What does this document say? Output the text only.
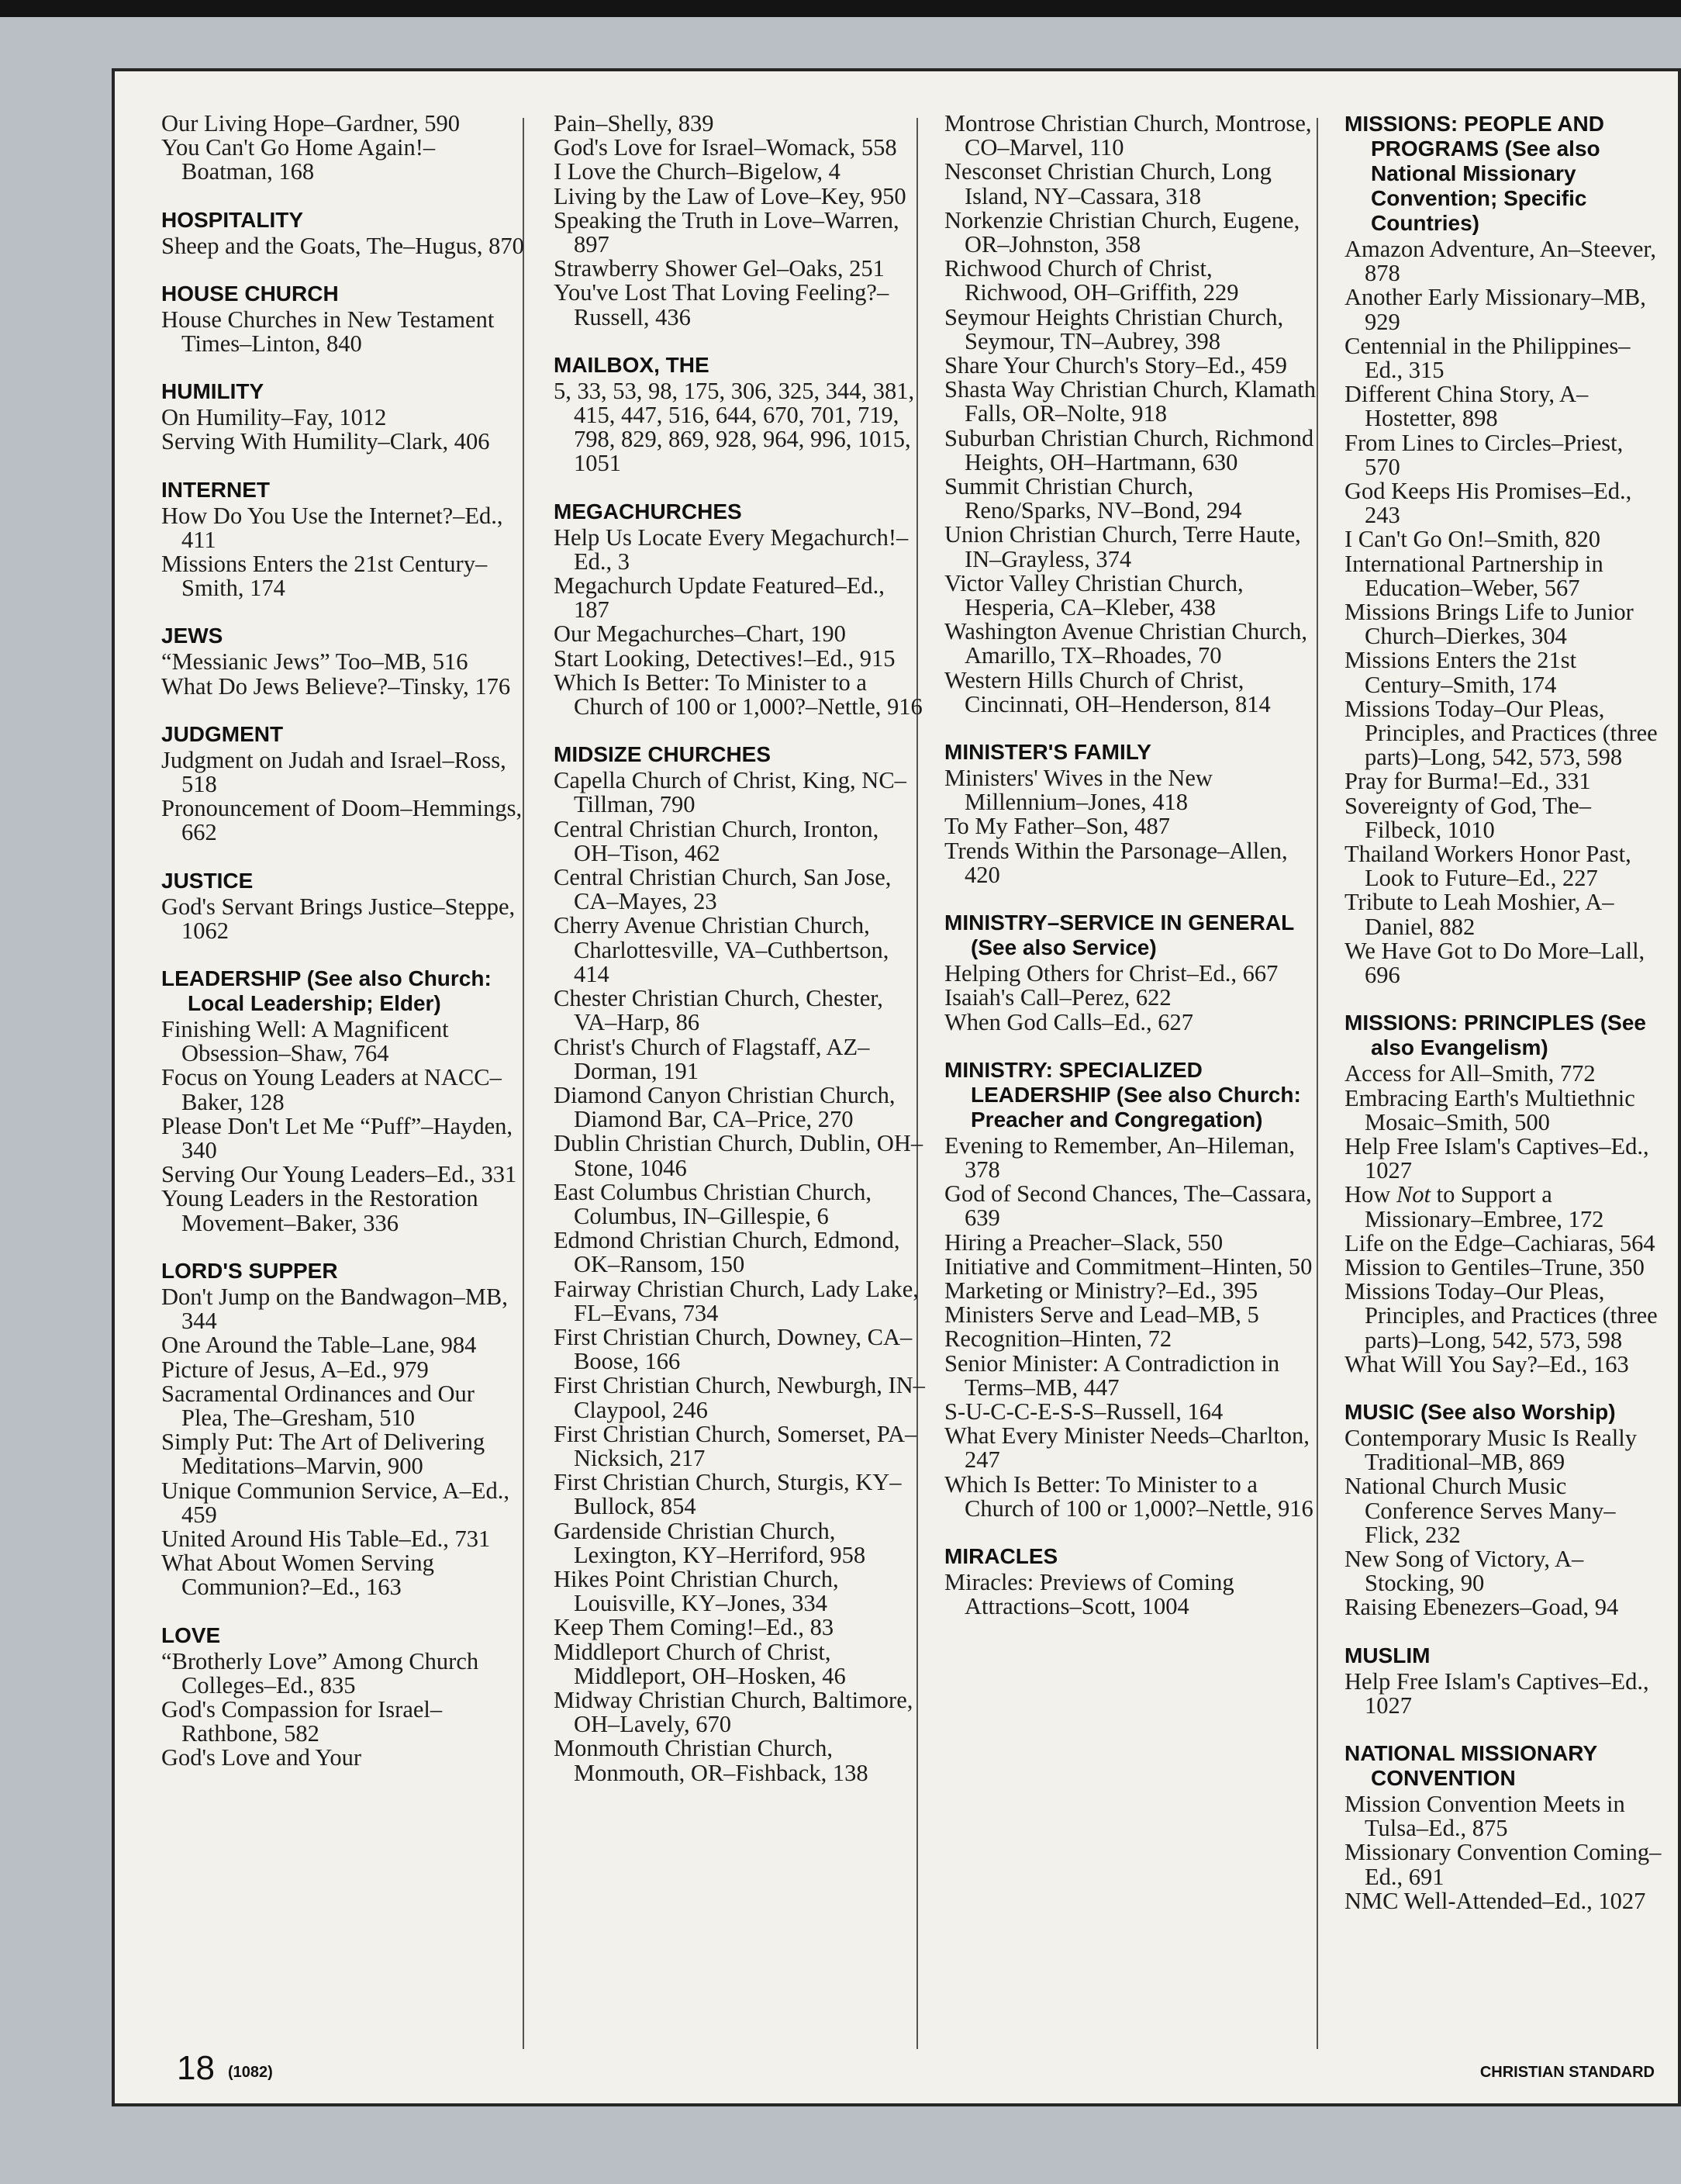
Our Living Hope–Gardner, 590
You Can't Go Home Again!–Boatman, 168
HOSPITALITY
Sheep and the Goats, The–Hugus, 870
HOUSE CHURCH
House Churches in New Testament Times–Linton, 840
HUMILITY
On Humility–Fay, 1012
Serving With Humility–Clark, 406
INTERNET
How Do You Use the Internet?–Ed., 411
Missions Enters the 21st Century–Smith, 174
JEWS
“Messianic Jews” Too–MB, 516
What Do Jews Believe?–Tinsky, 176
JUDGMENT
Judgment on Judah and Israel–Ross, 518
Pronouncement of Doom–Hemmings, 662
JUSTICE
God's Servant Brings Justice–Steppe, 1062
LEADERSHIP (See also Church: Local Leadership; Elder)
Finishing Well: A Magnificent Obsession–Shaw, 764
Focus on Young Leaders at NACC–Baker, 128
Please Don't Let Me “Puff”–Hayden, 340
Serving Our Young Leaders–Ed., 331
Young Leaders in the Restoration Movement–Baker, 336
LORD'S SUPPER
Don't Jump on the Bandwagon–MB, 344
One Around the Table–Lane, 984
Picture of Jesus, A–Ed., 979
Sacramental Ordinances and Our Plea, The–Gresham, 510
Simply Put: The Art of Delivering Meditations–Marvin, 900
Unique Communion Service, A–Ed., 459
United Around His Table–Ed., 731
What About Women Serving Communion?–Ed., 163
LOVE
“Brotherly Love” Among Church Colleges–Ed., 835
God's Compassion for Israel–Rathbone, 582
God's Love and Your
Pain–Shelly, 839
God's Love for Israel–Womack, 558
I Love the Church–Bigelow, 4
Living by the Law of Love–Key, 950
Speaking the Truth in Love–Warren, 897
Strawberry Shower Gel–Oaks, 251
You've Lost That Loving Feeling?–Russell, 436
MAILBOX, THE
5, 33, 53, 98, 175, 306, 325, 344, 381, 415, 447, 516, 644, 670, 701, 719, 798, 829, 869, 928, 964, 996, 1015, 1051
MEGACHURCHES
Help Us Locate Every Megachurch!–Ed., 3
Megachurch Update Featured–Ed., 187
Our Megachurches–Chart, 190
Start Looking, Detectives!–Ed., 915
Which Is Better: To Minister to a Church of 100 or 1,000?–Nettle, 916
MIDSIZE CHURCHES
Capella Church of Christ, King, NC–Tillman, 790
Central Christian Church, Ironton, OH–Tison, 462
Central Christian Church, San Jose, CA–Mayes, 23
Cherry Avenue Christian Church, Charlottesville, VA–Cuthbertson, 414
Chester Christian Church, Chester, VA–Harp, 86
Christ's Church of Flagstaff, AZ–Dorman, 191
Diamond Canyon Christian Church, Diamond Bar, CA–Price, 270
Dublin Christian Church, Dublin, OH–Stone, 1046
East Columbus Christian Church, Columbus, IN–Gillespie, 6
Edmond Christian Church, Edmond, OK–Ransom, 150
Fairway Christian Church, Lady Lake, FL–Evans, 734
First Christian Church, Downey, CA–Boose, 166
First Christian Church, Newburgh, IN–Claypool, 246
First Christian Church, Somerset, PA–Nicksich, 217
First Christian Church, Sturgis, KY–Bullock, 854
Gardenside Christian Church, Lexington, KY–Herriford, 958
Hikes Point Christian Church, Louisville, KY–Jones, 334
Keep Them Coming!–Ed., 83
Middleport Church of Christ, Middleport, OH–Hosken, 46
Midway Christian Church, Baltimore, OH–Lavely, 670
Monmouth Christian Church, Monmouth, OR–Fishback, 138
Montrose Christian Church, Montrose, CO–Marvel, 110
Nesconset Christian Church, Long Island, NY–Cassara, 318
Norkenzie Christian Church, Eugene, OR–Johnston, 358
Richwood Church of Christ, Richwood, OH–Griffith, 229
Seymour Heights Christian Church, Seymour, TN–Aubrey, 398
Share Your Church's Story–Ed., 459
Shasta Way Christian Church, Klamath Falls, OR–Nolte, 918
Suburban Christian Church, Richmond Heights, OH–Hartmann, 630
Summit Christian Church, Reno/Sparks, NV–Bond, 294
Union Christian Church, Terre Haute, IN–Grayless, 374
Victor Valley Christian Church, Hesperia, CA–Kleber, 438
Washington Avenue Christian Church, Amarillo, TX–Rhoades, 70
Western Hills Church of Christ, Cincinnati, OH–Henderson, 814
MINISTER'S FAMILY
Ministers' Wives in the New Millennium–Jones, 418
To My Father–Son, 487
Trends Within the Parsonage–Allen, 420
MINISTRY–SERVICE IN GENERAL (See also Service)
Helping Others for Christ–Ed., 667
Isaiah's Call–Perez, 622
When God Calls–Ed., 627
MINISTRY: SPECIALIZED LEADERSHIP (See also Church: Preacher and Congregation)
Evening to Remember, An–Hileman, 378
God of Second Chances, The–Cassara, 639
Hiring a Preacher–Slack, 550
Initiative and Commitment–Hinten, 50
Marketing or Ministry?–Ed., 395
Ministers Serve and Lead–MB, 5
Recognition–Hinten, 72
Senior Minister: A Contradiction in Terms–MB, 447
S-U-C-C-E-S-S–Russell, 164
What Every Minister Needs–Charlton, 247
Which Is Better: To Minister to a Church of 100 or 1,000?–Nettle, 916
MIRACLES
Miracles: Previews of Coming Attractions–Scott, 1004
MISSIONS: PEOPLE AND PROGRAMS (See also National Missionary Convention; Specific Countries)
Amazon Adventure, An–Steever, 878
Another Early Missionary–MB, 929
Centennial in the Philippines–Ed., 315
Different China Story, A–Hostetter, 898
From Lines to Circles–Priest, 570
God Keeps His Promises–Ed., 243
I Can't Go On!–Smith, 820
International Partnership in Education–Weber, 567
Missions Brings Life to Junior Church–Dierkes, 304
Missions Enters the 21st Century–Smith, 174
Missions Today–Our Pleas, Principles, and Practices (three parts)–Long, 542, 573, 598
Pray for Burma!–Ed., 331
Sovereignty of God, The–Filbeck, 1010
Thailand Workers Honor Past, Look to Future–Ed., 227
Tribute to Leah Moshier, A–Daniel, 882
We Have Got to Do More–Lall, 696
MISSIONS: PRINCIPLES (See also Evangelism)
Access for All–Smith, 772
Embracing Earth's Multiethnic Mosaic–Smith, 500
Help Free Islam's Captives–Ed., 1027
How Not to Support a Missionary–Embree, 172
Life on the Edge–Cachiaras, 564
Mission to Gentiles–Trune, 350
Missions Today–Our Pleas, Principles, and Practices (three parts)–Long, 542, 573, 598
What Will You Say?–Ed., 163
MUSIC (See also Worship)
Contemporary Music Is Really Traditional–MB, 869
National Church Music Conference Serves Many–Flick, 232
New Song of Victory, A–Stocking, 90
Raising Ebenezers–Goad, 94
MUSLIM
Help Free Islam's Captives–Ed., 1027
NATIONAL MISSIONARY CONVENTION
Mission Convention Meets in Tulsa–Ed., 875
Missionary Convention Coming–Ed., 691
NMC Well-Attended–Ed., 1027
18 (1082)	CHRISTIAN STANDARD
